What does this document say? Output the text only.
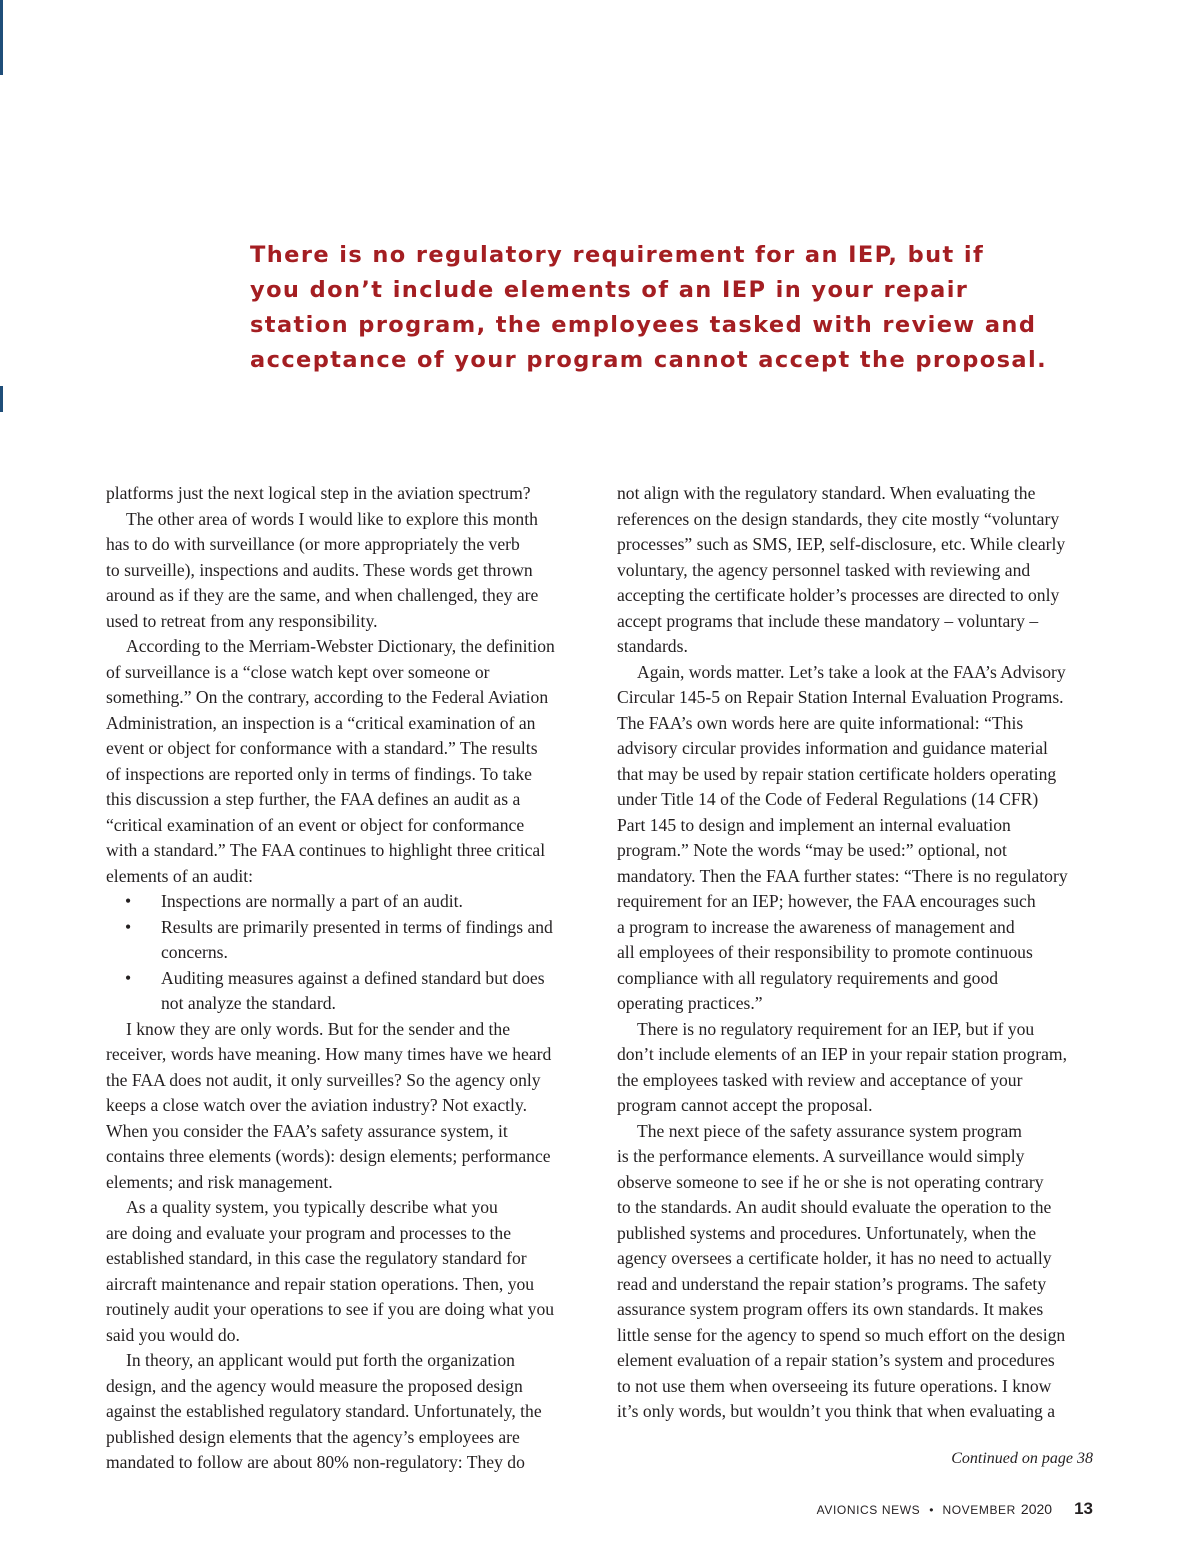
There is no regulatory requirement for an IEP, but if
you don’t include elements of an IEP in your repair
station program, the employees tasked with review and
acceptance of your program cannot accept the proposal.
platforms just the next logical step in the aviation spectrum?
The other area of words I would like to explore this month
has to do with surveillance (or more appropriately the verb
to surveille), inspections and audits. These words get thrown
around as if they are the same, and when challenged, they are
used to retreat from any responsibility.
According to the Merriam-Webster Dictionary, the definition
of surveillance is a “close watch kept over someone or
something.” On the contrary, according to the Federal Aviation
Administration, an inspection is a “critical examination of an
event or object for conformance with a standard.” The results
of inspections are reported only in terms of findings. To take
this discussion a step further, the FAA defines an audit as a
“critical examination of an event or object for conformance
with a standard.” The FAA continues to highlight three critical
elements of an audit:
• Inspections are normally a part of an audit.
• Results are primarily presented in terms of findings and
concerns.
• Auditing measures against a defined standard but does
not analyze the standard.
I know they are only words. But for the sender and the
receiver, words have meaning. How many times have we heard
the FAA does not audit, it only surveilles? So the agency only
keeps a close watch over the aviation industry? Not exactly.
When you consider the FAA’s safety assurance system, it
contains three elements (words): design elements; performance
elements; and risk management.
As a quality system, you typically describe what you
are doing and evaluate your program and processes to the
established standard, in this case the regulatory standard for
aircraft maintenance and repair station operations. Then, you
routinely audit your operations to see if you are doing what you
said you would do.
In theory, an applicant would put forth the organization
design, and the agency would measure the proposed design
against the established regulatory standard. Unfortunately, the
published design elements that the agency’s employees are
mandated to follow are about 80% non-regulatory: They do
not align with the regulatory standard. When evaluating the
references on the design standards, they cite mostly “voluntary
processes” such as SMS, IEP, self-disclosure, etc. While clearly
voluntary, the agency personnel tasked with reviewing and
accepting the certificate holder’s processes are directed to only
accept programs that include these mandatory – voluntary –
standards.
Again, words matter. Let’s take a look at the FAA’s Advisory
Circular 145-5 on Repair Station Internal Evaluation Programs.
The FAA’s own words here are quite informational: “This
advisory circular provides information and guidance material
that may be used by repair station certificate holders operating
under Title 14 of the Code of Federal Regulations (14 CFR)
Part 145 to design and implement an internal evaluation
program.” Note the words “may be used:” optional, not
mandatory. Then the FAA further states: “There is no regulatory
requirement for an IEP; however, the FAA encourages such
a program to increase the awareness of management and
all employees of their responsibility to promote continuous
compliance with all regulatory requirements and good
operating practices.”
There is no regulatory requirement for an IEP, but if you
don’t include elements of an IEP in your repair station program,
the employees tasked with review and acceptance of your
program cannot accept the proposal.
The next piece of the safety assurance system program
is the performance elements. A surveillance would simply
observe someone to see if he or she is not operating contrary
to the standards. An audit should evaluate the operation to the
published systems and procedures. Unfortunately, when the
agency oversees a certificate holder, it has no need to actually
read and understand the repair station’s programs. The safety
assurance system program offers its own standards. It makes
little sense for the agency to spend so much effort on the design
element evaluation of a repair station’s system and procedures
to not use them when overseeing its future operations. I know
it’s only words, but wouldn’t you think that when evaluating a
Continued on page 38
AVIONICS NEWS • NOVEMBER 2020 13
